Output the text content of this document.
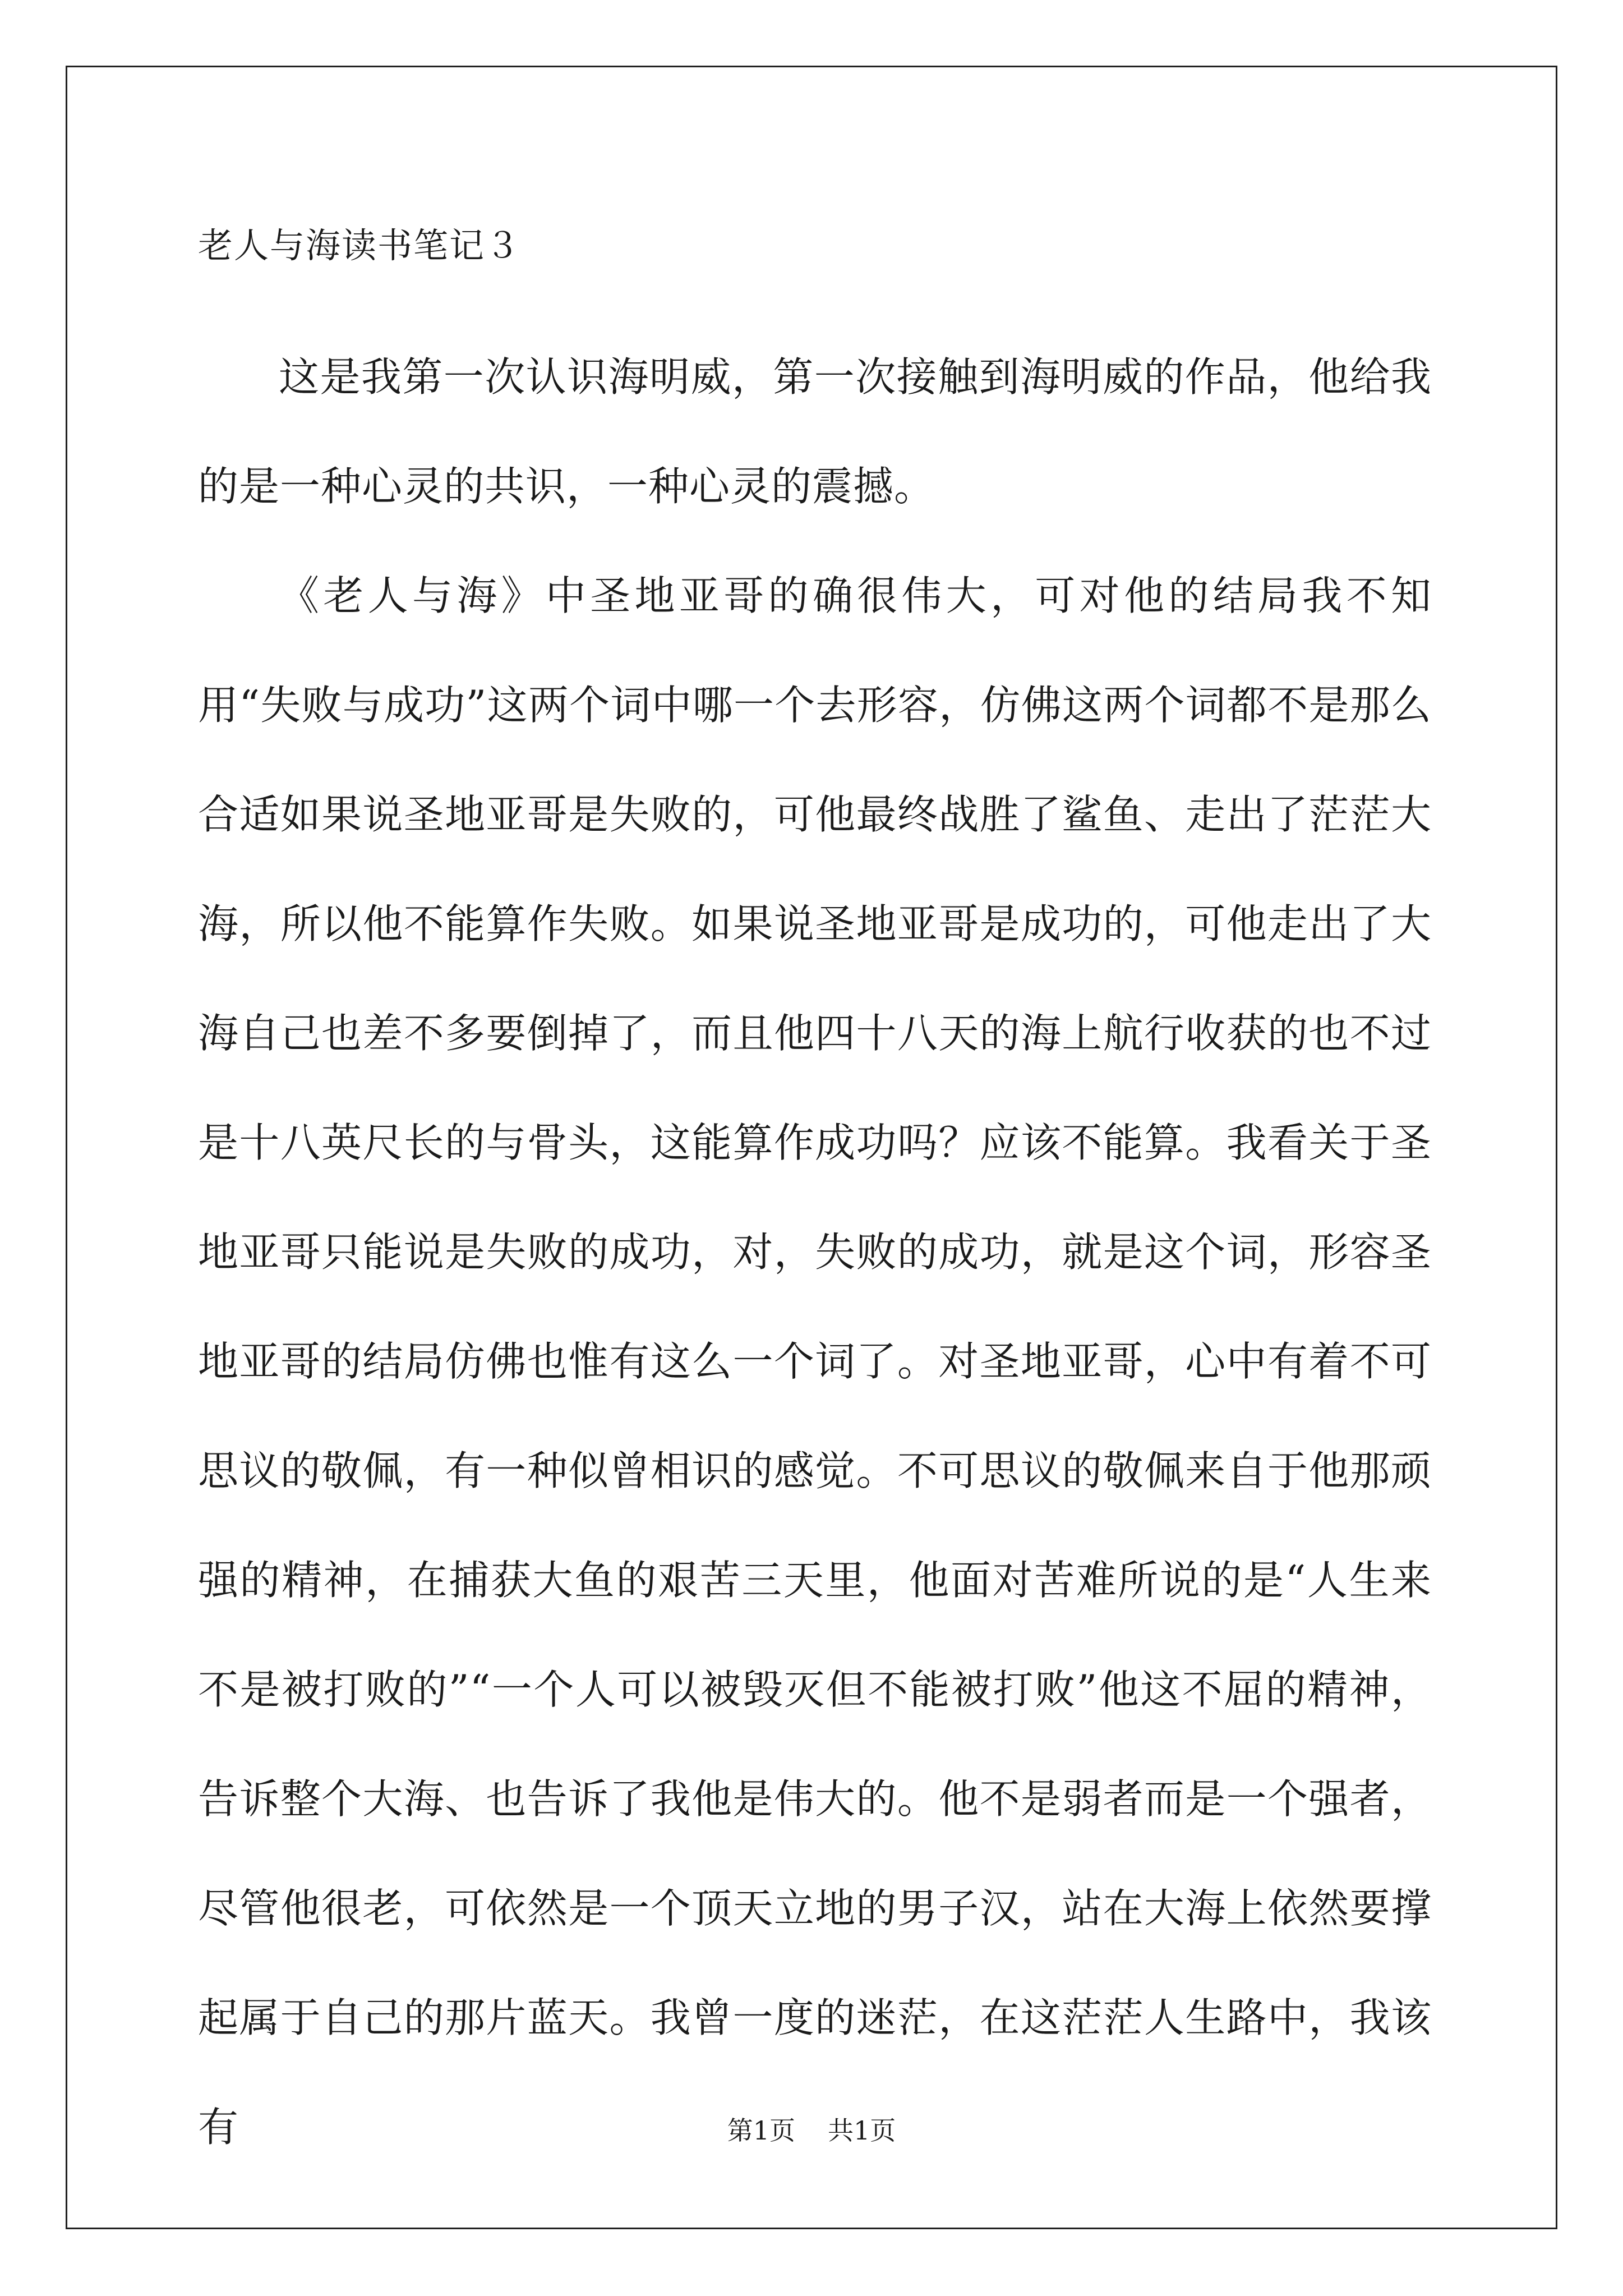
老人与海读书笔记３

这是我第一次认识海明威，第一次接触到海明威的作品，他给我的是一种心灵的共识，一种心灵的震撼。

《老人与海》中圣地亚哥的确很伟大，可对他的结局我不知用“失败与成功”这两个词中哪一个去形容，仿佛这两个词都不是那么合适如果说圣地亚哥是失败的，可他最终战胜了鲨鱼、走出了茫茫大海，所以他不能算作失败。如果说圣地亚哥是成功的，可他走出了大海自己也差不多要倒掉了，而且他四十八天的海上航行收获的也不过是十八英尺长的与骨头，这能算作成功吗？应该不能算。我看关于圣地亚哥只能说是失败的成功，对，失败的成功，就是这个词，形容圣地亚哥的结局仿佛也惟有这么一个词了。对圣地亚哥，心中有着不可思议的敬佩，有一种似曾相识的感觉。不可思议的敬佩来自于他那顽强的精神，在捕获大鱼的艰苦三天里，他面对苦难所说的是“人生来不是被打败的”“一个人可以被毁灭但不能被打败”他这不屈的精神，告诉整个大海、也告诉了我他是伟大的。他不是弱者而是一个强者，尽管他很老，可依然是一个顶天立地的男子汉，站在大海上依然要撑起属于自己的那片蓝天。我曾一度的迷茫，在这茫茫人生路中，我该有	第1页 共1页
